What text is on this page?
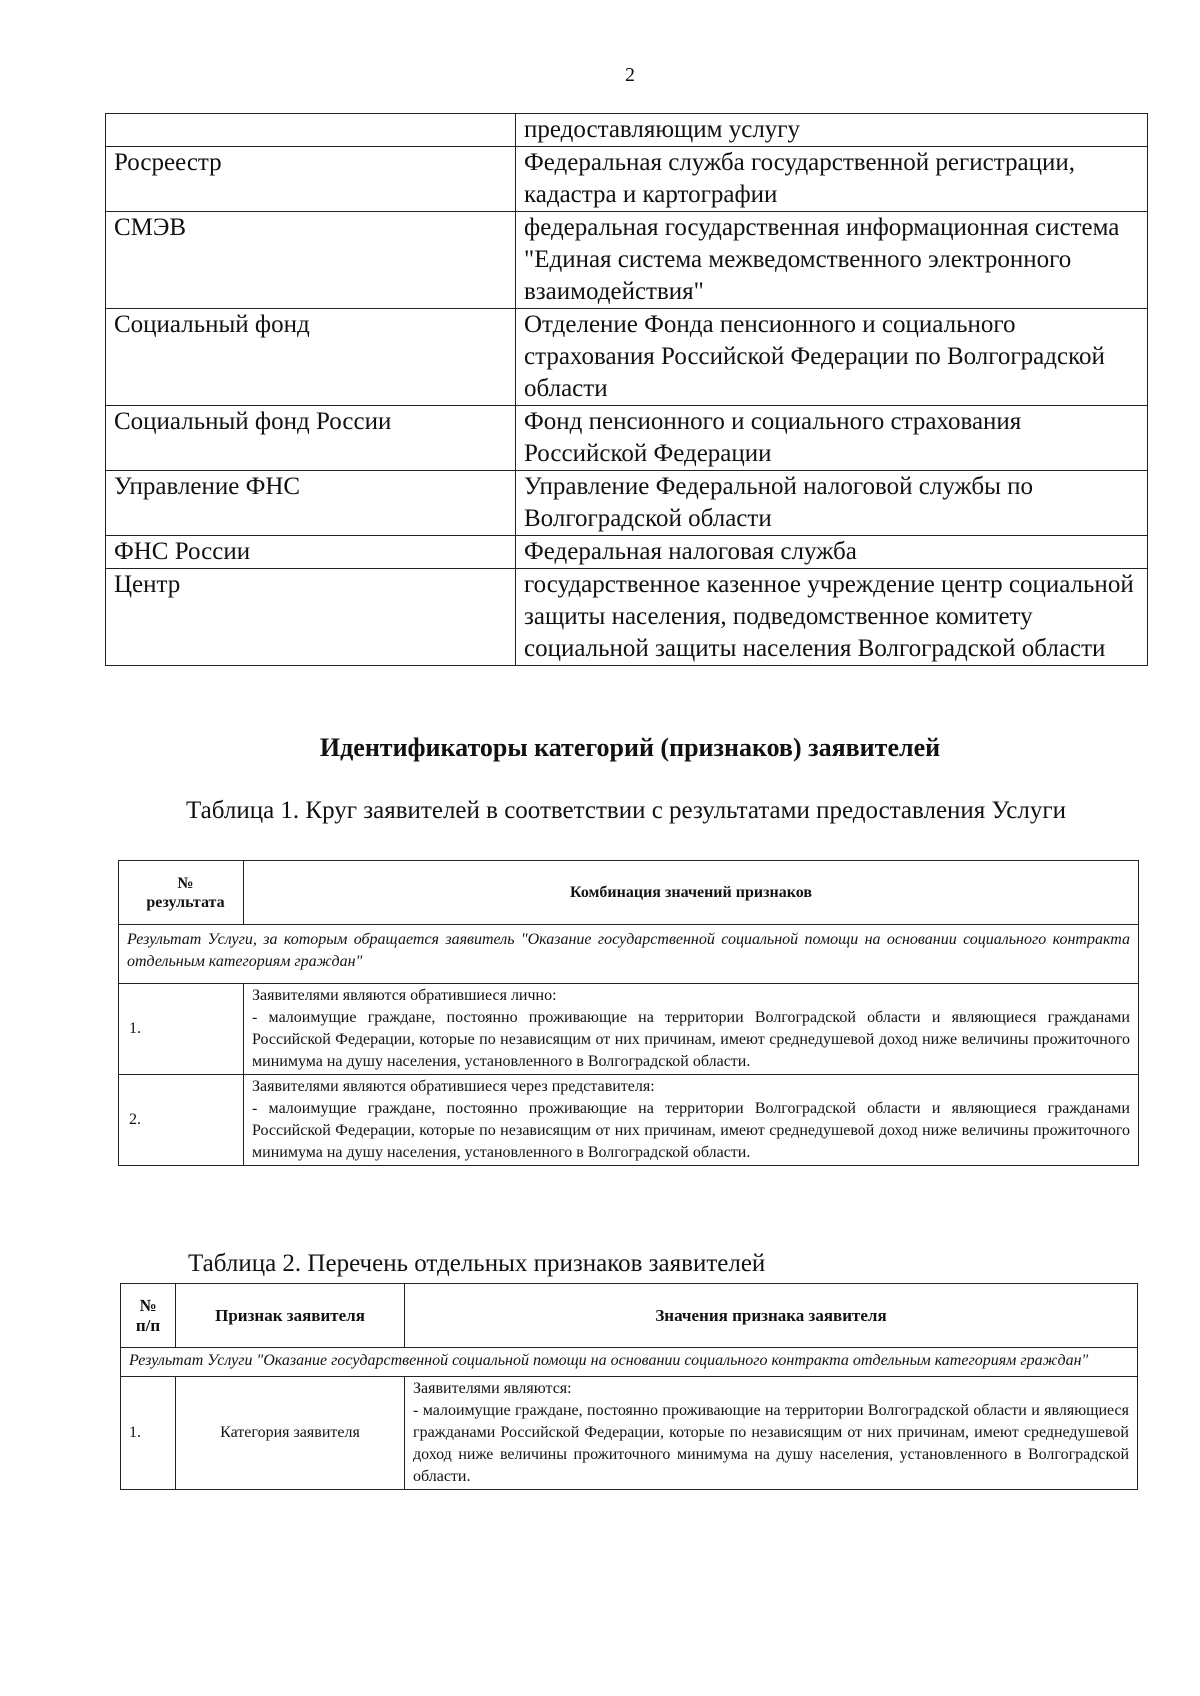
2
	предоставляющим услугу
Росреестр	Федеральная служба государственной регистрации, кадастра и картографии
СМЭВ	федеральная государственная информационная система "Единая система межведомственного электронного взаимодействия"
Социальный фонд	Отделение Фонда пенсионного и социального страхования Российской Федерации по Волгоградской области
Социальный фонд России	Фонд пенсионного и социального страхования Российской Федерации
Управление ФНС	Управление Федеральной налоговой службы по Волгоградской области
ФНС России	Федеральная налоговая служба
Центр	государственное казенное учреждение центр социальной защиты населения, подведомственное комитету социальной защиты населения Волгоградской области
Идентификаторы категорий (признаков) заявителей
Таблица 1. Круг заявителей в соответствии с результатами предоставления Услуги
№
результата	Комбинация значений признаков
Результат Услуги, за которым обращается заявитель "Оказание государственной социальной помощи на основании социального контракта отдельным категориям граждан"	
1.	Заявителями являются обратившиеся лично:
- малоимущие граждане, постоянно проживающие на территории Волгоградской области и являющиеся гражданами Российской Федерации, которые по независящим от них причинам, имеют среднедушевой доход ниже величины прожиточного минимума на душу населения, установленного в Волгоградской области.

2.	Заявителями являются обратившиеся через представителя:
- малоимущие граждане, постоянно проживающие на территории Волгоградской области и являющиеся гражданами Российской Федерации, которые по независящим от них причинам, имеют среднедушевой доход ниже величины прожиточного минимума на душу населения, установленного в Волгоградской области.
Таблица 2. Перечень отдельных признаков заявителей
№
п/п	Признак заявителя	Значения признака заявителя
Результат Услуги "Оказание государственной социальной помощи на основании социального контракта отдельным категориям граждан"		
1.	Категория заявителя	Заявителями являются:
- малоимущие граждане, постоянно проживающие на территории Волгоградской области и являющиеся гражданами Российской Федерации, которые по независящим от них причинам, имеют среднедушевой доход ниже величины прожиточного минимума на душу населения, установленного в Волгоградской области.
